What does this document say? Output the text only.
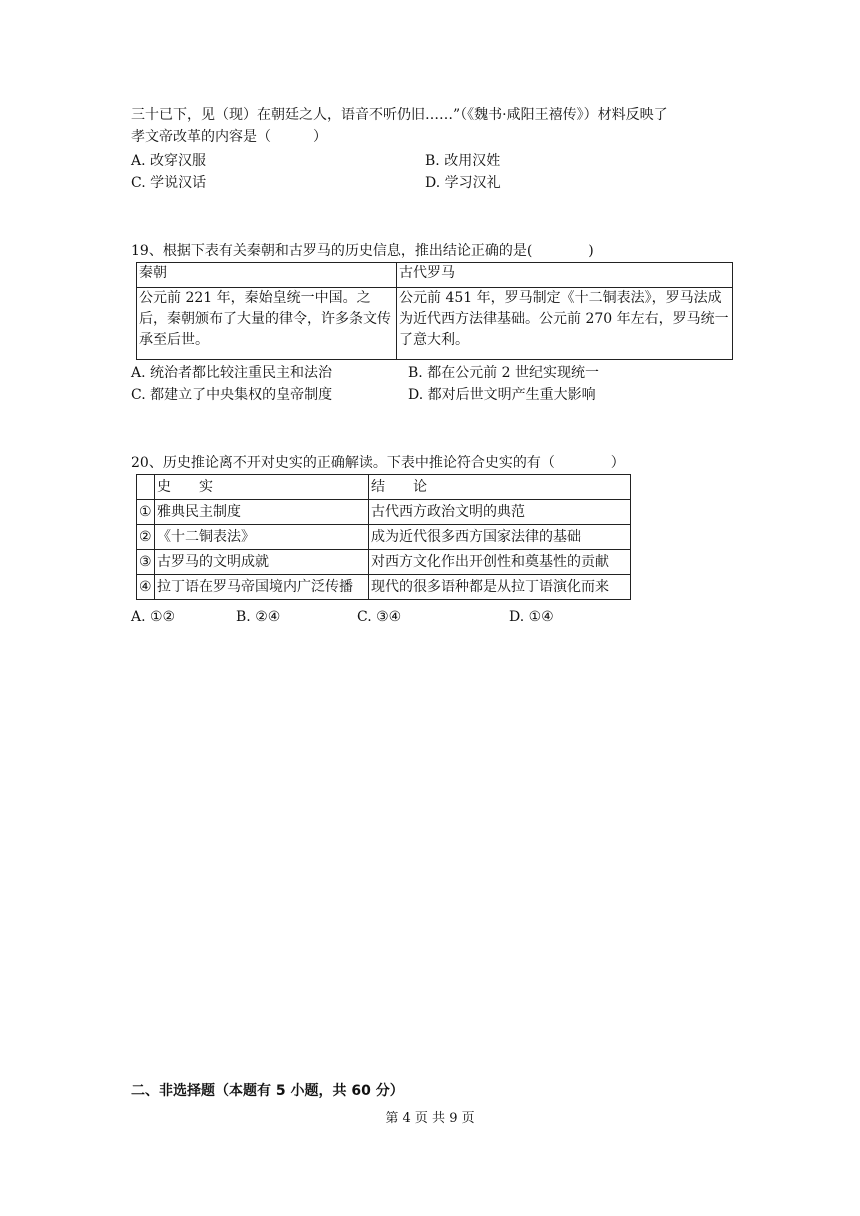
三十已下，见（现）在朝廷之人，语音不听仍旧……”（《魏书·咸阳王禧传》）材料反映了
孝文帝改革的内容是（　　　）
A. 改穿汉服	B. 改用汉姓
C. 学说汉话	D. 学习汉礼
19、根据下表有关秦朝和古罗马的历史信息，推出结论正确的是(　　　　)
秦朝	古代罗马
公元前 221 年，秦始皇统一中国。之后，秦朝颁布了大量的律令，许多条文传承至后世。	公元前 451 年，罗马制定《十二铜表法》，罗马法成为近代西方法律基础。公元前 270 年左右，罗马统一了意大利。
A. 统治者都比较注重民主和法治	B. 都在公元前 2 世纪实现统一
C. 都建立了中央集权的皇帝制度	D. 都对后世文明产生重大影响
20、历史推论离不开对史实的正确解读。下表中推论符合史实的有（　　　　）
	史　　实	结　　论
①	雅典民主制度	古代西方政治文明的典范
②	《十二铜表法》	成为近代很多西方国家法律的基础
③	古罗马的文明成就	对西方文化作出开创性和奠基性的贡献
④	拉丁语在罗马帝国境内广泛传播	现代的很多语种都是从拉丁语演化而来
A. ①②	B. ②④	C. ③④	D. ①④
二、非选择题（本题有 5 小题，共 60 分）
第 4 页 共 9 页
